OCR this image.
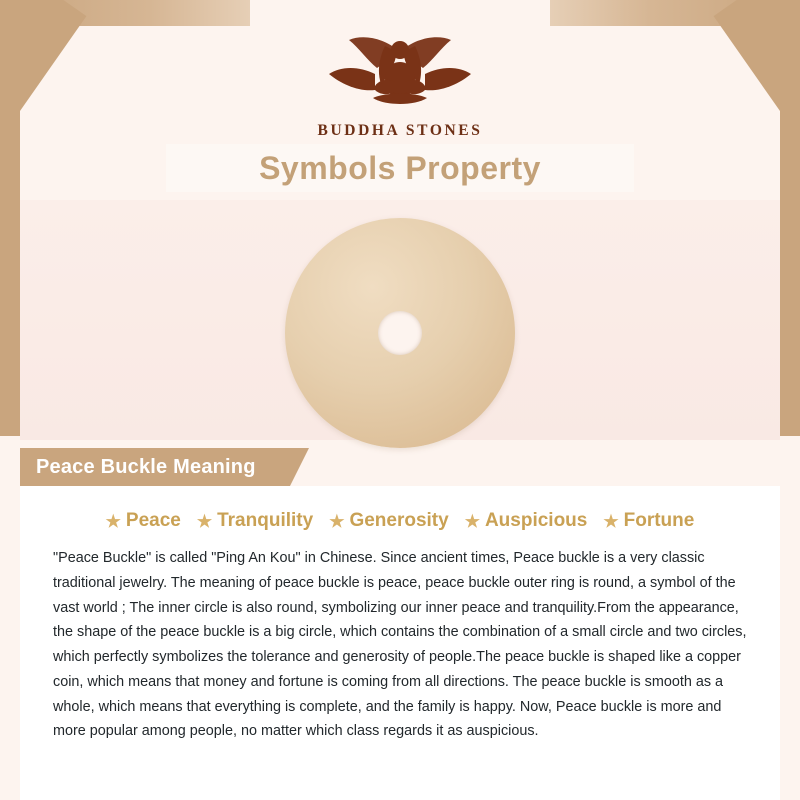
BUDDHA STONES
Symbols Property
Peace Buckle Meaning
★ Peace ★ Tranquility ★ Generosity ★ Auspicious ★ Fortune

"Peace Buckle" is called "Ping An Kou" in Chinese. Since ancient times, Peace buckle is a very classic traditional jewelry. The meaning of peace buckle is peace, peace buckle outer ring is round, a symbol of the vast world ; The inner circle is also round, symbolizing our inner peace and tranquility.From the appearance, the shape of the peace buckle is a big circle, which contains the combination of a small circle and two circles, which perfectly symbolizes the tolerance and generosity of people.The peace buckle is shaped like a copper coin, which means that money and fortune is coming from all directions. The peace buckle is smooth as a whole, which means that everything is complete, and the family is happy. Now, Peace buckle is more and more popular among people, no matter which class regards it as auspicious.
